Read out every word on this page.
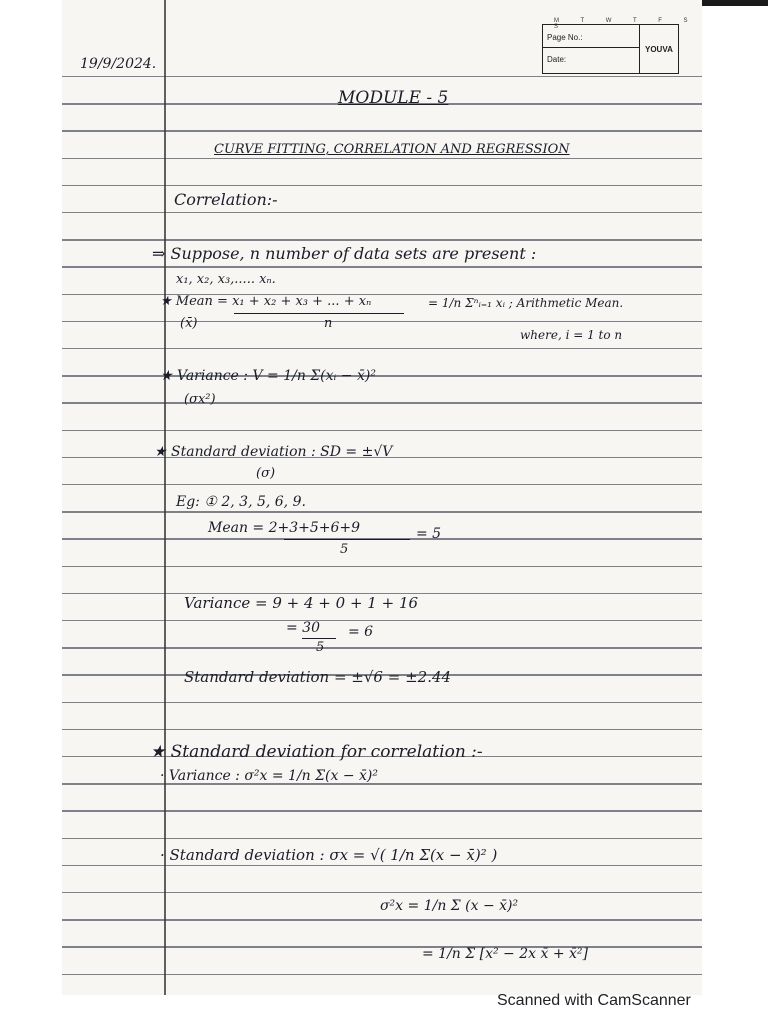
M T W T F S S
Page No.:
Date:
YOUVA
19/9/2024.
MODULE - 5
CURVE FITTING, CORRELATION AND REGRESSION
Correlation:-
⇒ Suppose, n number of data sets are present :
x₁, x₂, x₃,..... xₙ.
★ Mean = x₁ + x₂ + x₃ + ... + xₙ
n
(x̄)
= 1/n Σⁿᵢ₌₁ xᵢ ; Arithmetic Mean.
where, i = 1 to n
★ Variance : V = 1/n Σ(xᵢ − x̄)²
(σx²)
★ Standard deviation : SD = ±√V
(σ)
Eg: ① 2, 3, 5, 6, 9.
Mean = 2+3+5+6+9
5
= 5
Variance = 9 + 4 + 0 + 1 + 16
= 30
5
= 6
Standard deviation = ±√6 = ±2.44
★ Standard deviation for correlation :-
· Variance : σ²x = 1/n Σ(x − x̄)²
· Standard deviation : σx = √( 1/n Σ(x − x̄)² )
σ²x = 1/n Σ (x − x̄)²
= 1/n Σ [x² − 2x x̄ + x̄²]
Scanned with CamScanner
